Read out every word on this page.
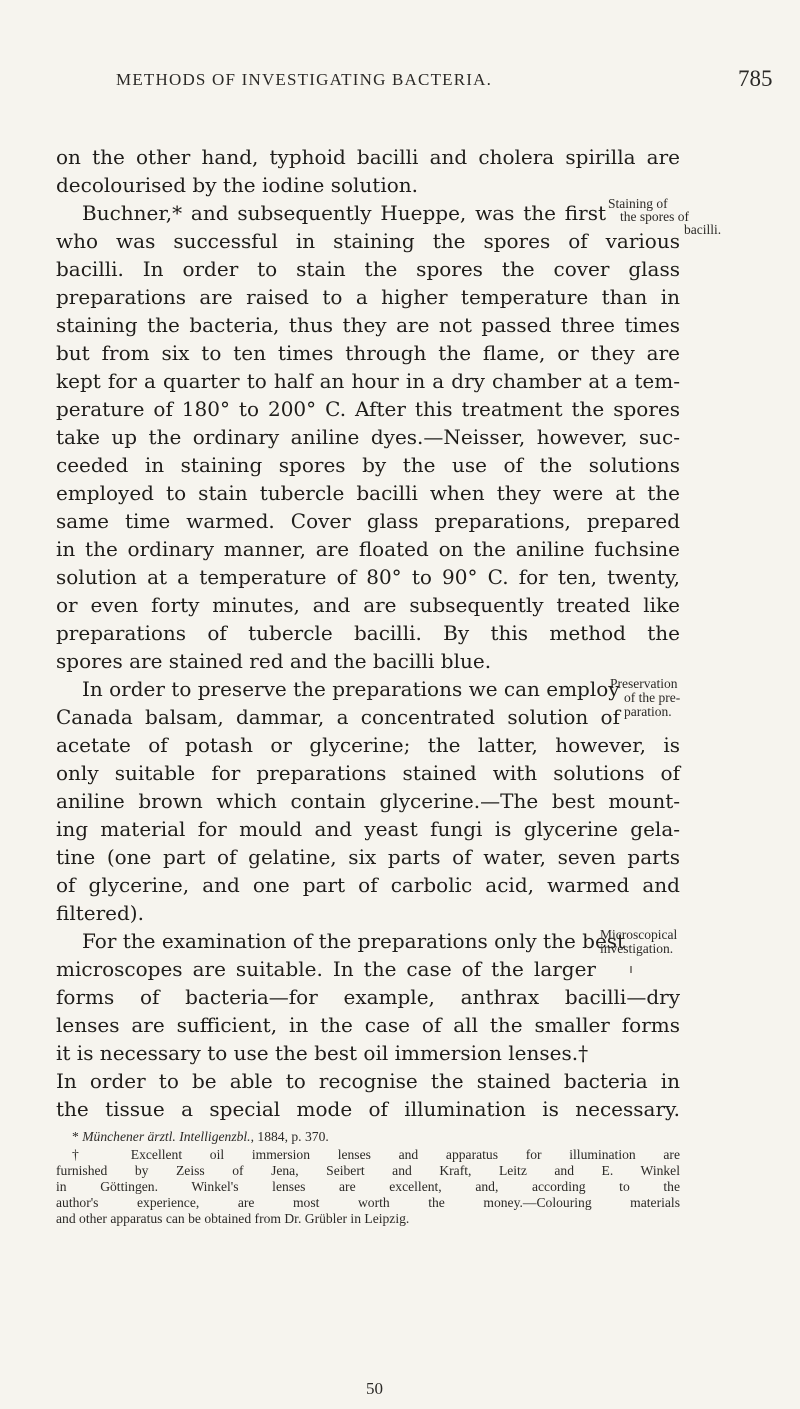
METHODS OF INVESTIGATING BACTERIA.	785
on the other hand, typhoid bacilli and cholera spirilla are
decolourised by the iodine solution.
Buchner,* and subsequently Hueppe, was the first
who was successful in staining the spores of various
bacilli. In order to stain the spores the cover glass
preparations are raised to a higher temperature than in
staining the bacteria, thus they are not passed three times
but from six to ten times through the flame, or they are
kept for a quarter to half an hour in a dry chamber at a tem-
perature of 180° to 200° C. After this treatment the spores
take up the ordinary aniline dyes.—Neisser, however, suc-
ceeded in staining spores by the use of the solutions
employed to stain tubercle bacilli when they were at the
same time warmed. Cover glass preparations, prepared
in the ordinary manner, are floated on the aniline fuchsine
solution at a temperature of 80° to 90° C. for ten, twenty,
or even forty minutes, and are subsequently treated like
preparations of tubercle bacilli. By this method the
spores are stained red and the bacilli blue.
In order to preserve the preparations we can employ
Canada balsam, dammar, a concentrated solution of
acetate of potash or glycerine; the latter, however, is
only suitable for preparations stained with solutions of
aniline brown which contain glycerine.—The best mount-
ing material for mould and yeast fungi is glycerine gela-
tine (one part of gelatine, six parts of water, seven parts
of glycerine, and one part of carbolic acid, warmed and
filtered).
For the examination of the preparations only the best
microscopes are suitable. In the case of the larger
forms of bacteria—for example, anthrax bacilli—dry
lenses are sufficient, in the case of all the smaller forms
it is necessary to use the best oil immersion lenses.†
In order to be able to recognise the stained bacteria in
the tissue a special mode of illumination is necessary.
Staining of
the spores of
bacilli.
Preservation
of the pre-
paration.
Microscopical
investigation.
* Münchener ärztl. Intelligenzbl., 1884, p. 370.
† Excellent oil immersion lenses and apparatus for illumination are
furnished by Zeiss of Jena, Seibert and Kraft, Leitz and E. Winkel
in Göttingen. Winkel's lenses are excellent, and, according to the
author's experience, are most worth the money.—Colouring materials
and other apparatus can be obtained from Dr. Grübler in Leipzig.
50
